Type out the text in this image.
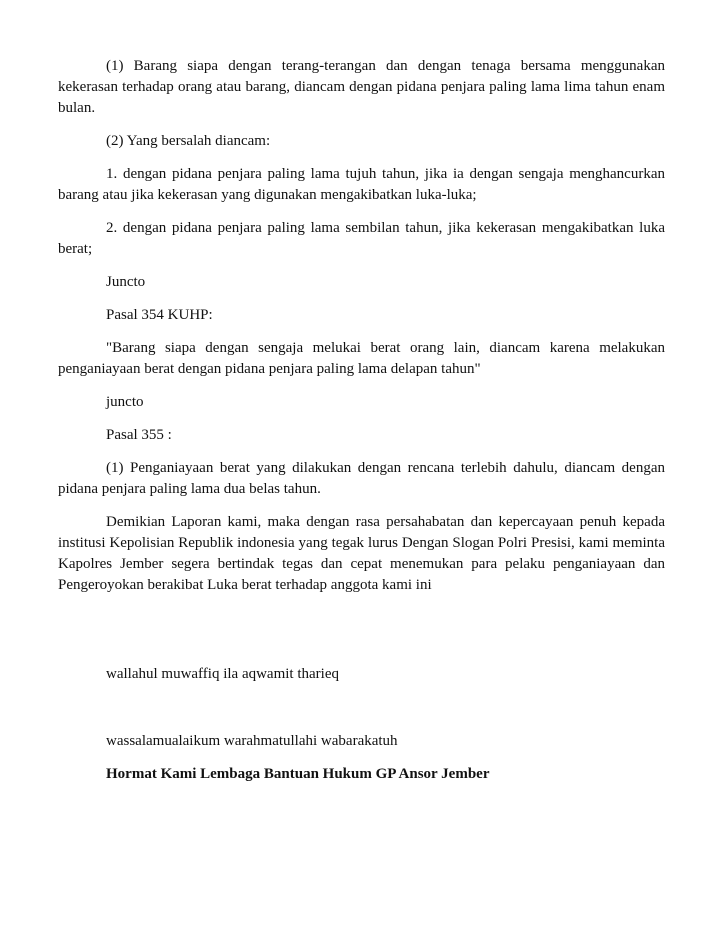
(1) Barang siapa dengan terang-terangan dan dengan tenaga bersama menggunakan kekerasan terhadap orang atau barang, diancam dengan pidana penjara paling lama lima tahun enam bulan.

(2) Yang bersalah diancam:

1. dengan pidana penjara paling lama tujuh tahun, jika ia dengan sengaja menghancurkan barang atau jika kekerasan yang digunakan mengakibatkan luka-luka;

2. dengan pidana penjara paling lama sembilan tahun, jika kekerasan mengakibatkan luka berat;

Juncto

Pasal 354 KUHP:

"Barang siapa dengan sengaja melukai berat orang lain, diancam karena melakukan penganiayaan berat dengan pidana penjara paling lama delapan tahun"

juncto

Pasal 355 :

(1) Penganiayaan berat yang dilakukan dengan rencana terlebih dahulu, diancam dengan pidana penjara paling lama dua belas tahun.

Demikian Laporan kami, maka dengan rasa persahabatan dan kepercayaan penuh kepada institusi Kepolisian Republik indonesia yang tegak lurus Dengan Slogan Polri Presisi, kami meminta Kapolres Jember segera bertindak tegas dan cepat menemukan para pelaku penganiayaan dan Pengeroyokan berakibat Luka berat terhadap anggota kami ini

wallahul muwaffiq ila aqwamit tharieq

wassalamualaikum warahmatullahi wabarakatuh

Hormat Kami Lembaga Bantuan Hukum GP Ansor Jember
